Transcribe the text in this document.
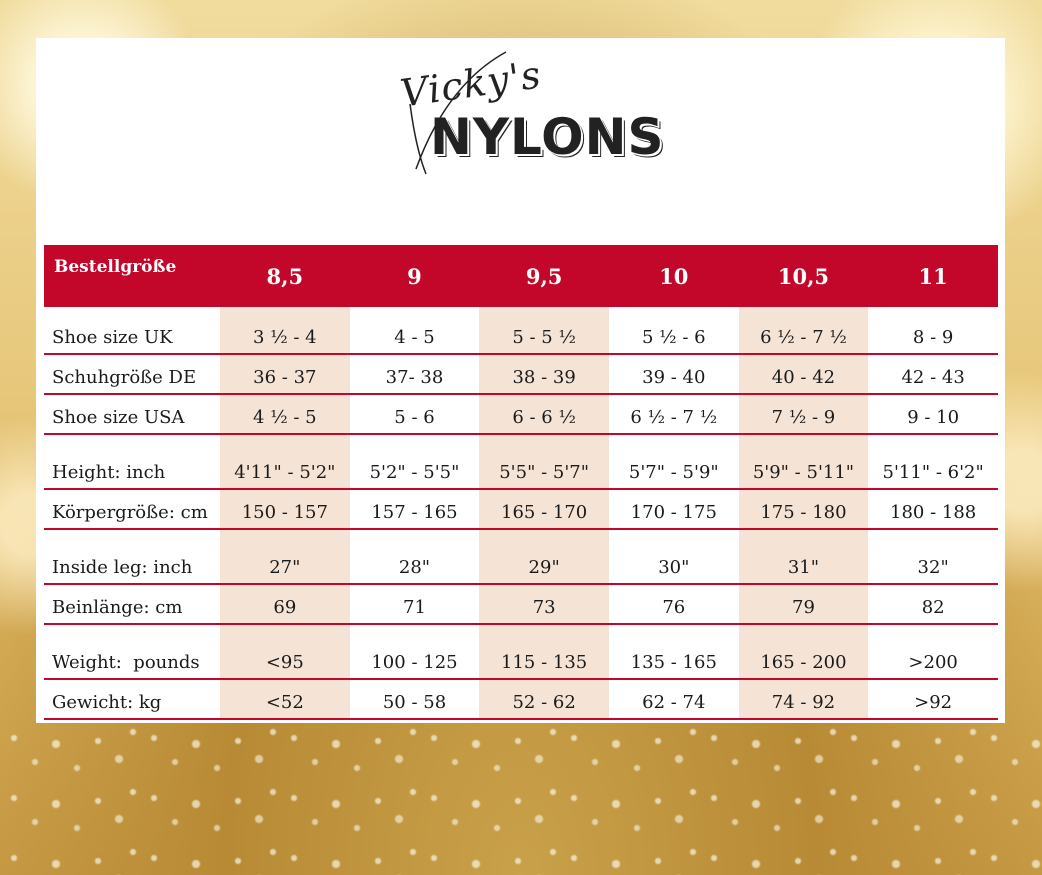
Vicky's
NYLONS
Bestellgröße	8,5	9	9,5	10	10,5	11

Shoe size UK	3 ½ - 4	4 - 5	5 - 5 ½	5 ½ - 6	6 ½ - 7 ½	8 - 9
Schuhgröße DE	36 - 37	37- 38	38 - 39	39 - 40	40 - 42	42 - 43
Shoe size USA	4 ½ - 5	5 - 6	6 - 6 ½	6 ½ - 7 ½	7 ½ - 9	9 - 10

Height: inch	4'11" - 5'2"	5'2" - 5'5"	5'5" - 5'7"	5'7" - 5'9"	5'9" - 5'11"	5'11" - 6'2"
Körpergröße: cm	150 - 157	157 - 165	165 - 170	170 - 175	175 - 180	180 - 188

Inside leg: inch	27"	28"	29"	30"	31"	32"
Beinlänge: cm	69	71	73	76	79	82

Weight:  pounds	<95	100 - 125	115 - 135	135 - 165	165 - 200	>200
Gewicht: kg	<52	50 - 58	52 - 62	62 - 74	74 - 92	>92
